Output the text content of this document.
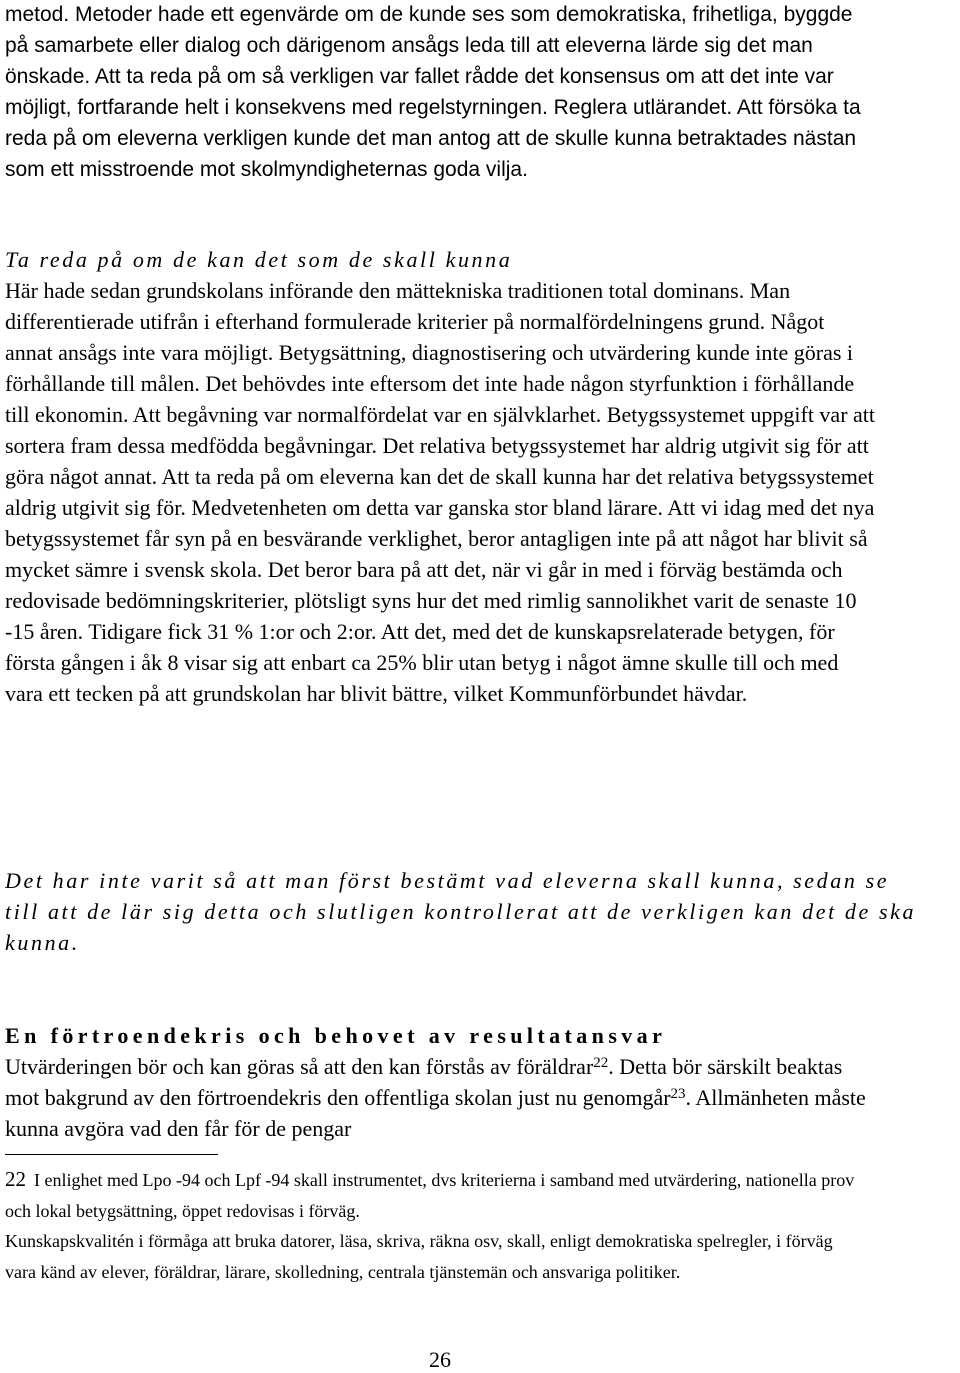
metod. Metoder hade ett egenvärde om de kunde ses som demokratiska, frihetliga, byggde på samarbete eller dialog och därigenom ansågs leda till att eleverna lärde sig det man önskade. Att ta reda på om så verkligen var fallet rådde det konsensus om att det inte var möjligt, fortfarande helt i konsekvens med regelstyrningen. Reglera utlärandet. Att försöka ta reda på om eleverna verkligen kunde det man antog att de skulle kunna betraktades nästan som ett misstroende mot skolmyndigheternas goda vilja.

Ta reda på om de kan det som de skall kunna

Här hade sedan grundskolans införande den mättekniska traditionen total dominans. Man differentierade utifrån i efterhand formulerade kriterier på normalfördelningens grund. Något annat ansågs inte vara möjligt. Betygsättning, diagnostisering och utvärdering kunde inte göras i förhållande till målen. Det behövdes inte eftersom det inte hade någon styrfunktion i förhållande till ekonomin. Att begåvning var normalfördelat var en självklarhet. Betygssystemet uppgift var att sortera fram dessa medfödda begåvningar. Det relativa betygssystemet har aldrig utgivit sig för att göra något annat. Att ta reda på om eleverna kan det de skall kunna har det relativa betygssystemet aldrig utgivit sig för. Medvetenheten om detta var ganska stor bland lärare. Att vi idag med det nya betygssystemet får syn på en besvärande verklighet, beror antagligen inte på att något har blivit så mycket sämre i svensk skola. Det beror bara på att det, när vi går in med i förväg bestämda och redovisade bedömningskriterier, plötsligt syns hur det med rimlig sannolikhet varit de senaste 10 -15 åren. Tidigare fick 31 % 1:or och 2:or. Att det, med det de kunskapsrelaterade betygen, för första gången i åk 8 visar sig att enbart ca 25% blir utan betyg i något ämne skulle till och med vara ett tecken på att grundskolan har blivit bättre, vilket Kommunförbundet hävdar.

Det har inte varit så att man först bestämt vad eleverna skall kunna, sedan se
till att de lär sig detta och slutligen kontrollerat att de verkligen kan det de ska
kunna.
En förtroendekris och behovet av resultatansvar

Utvärderingen bör och kan göras så att den kan förstås av föräldrar$^{22}$. Detta bör särskilt beaktas mot bakgrund av den förtroendekris den offentliga skolan just nu genomgår$^{23}$. Allmänheten måste kunna avgöra vad den får för de pengar

22 I enlighet med Lpo -94 och Lpf -94 skall instrumentet, dvs kriterierna i samband med utvärdering, nationella prov och lokal betygsättning, öppet redovisas i förväg.

Kunskapskvalitén i förmåga att bruka datorer, läsa, skriva, räkna osv, skall, enligt demokratiska spelregler, i förväg vara känd av elever, föräldrar, lärare, skolledning, centrala tjänstemän och ansvariga politiker.

26
